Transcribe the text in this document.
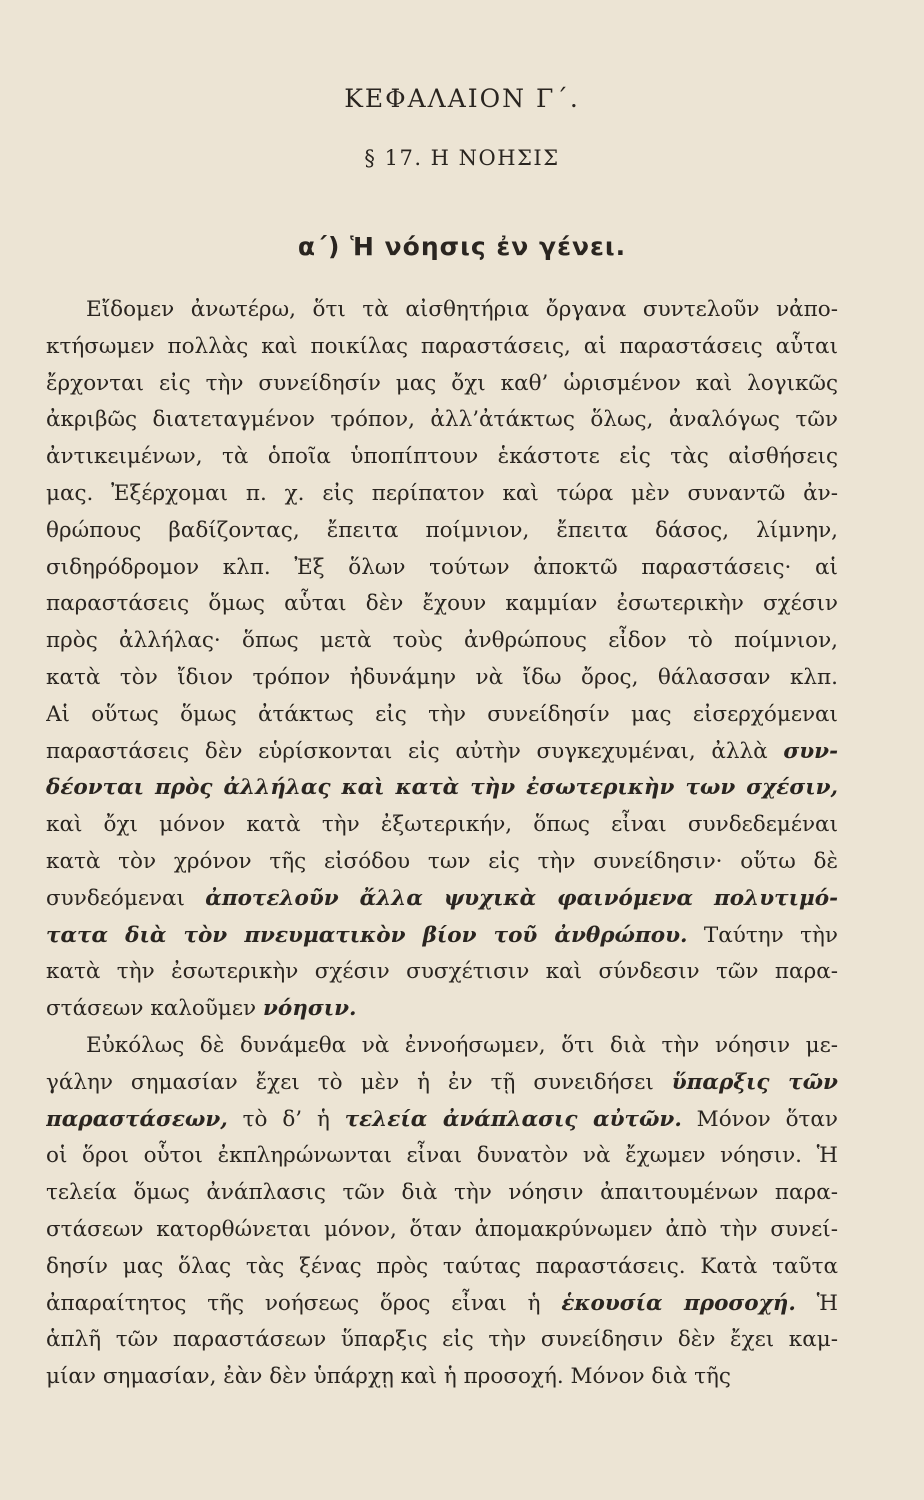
ΚΕΦΑΛΑΙΟΝ Γ΄.
§ 17. Η ΝΟΗΣΙΣ
α΄) Ἡ νόησις ἐν γένει.
Εἴδομεν ἀνωτέρω, ὅτι τὰ αἰσθητήρια ὄργανα συντελοῦν νἀπο-
κτήσωμεν πολλὰς καὶ ποικίλας παραστάσεις, αἱ παραστάσεις αὗται
ἔρχονται εἰς τὴν συνείδησίν μας ὄχι καθ’ ὡρισμένον καὶ λογικῶς
ἀκριβῶς διατεταγμένον τρόπον, ἀλλ’ἀτάκτως ὅλως, ἀναλόγως τῶν
ἀντικειμένων, τὰ ὁποῖα ὑποπίπτουν ἑκάστοτε εἰς τὰς αἰσθήσεις
μας. Ἐξέρχομαι π. χ. εἰς περίπατον καὶ τώρα μὲν συναντῶ ἀν-
θρώπους βαδίζοντας, ἔπειτα ποίμνιον, ἔπειτα δάσος, λίμνην,
σιδηρόδρομον κλπ. Ἐξ ὅλων τούτων ἀποκτῶ παραστάσεις· αἱ
παραστάσεις ὅμως αὗται δὲν ἔχουν καμμίαν ἐσωτερικὴν σχέσιν
πρὸς ἀλλήλας· ὅπως μετὰ τοὺς ἀνθρώπους εἶδον τὸ ποίμνιον,
κατὰ τὸν ἴδιον τρόπον ἠδυνάμην νὰ ἴδω ὄρος, θάλασσαν κλπ.
Αἱ οὕτως ὅμως ἀτάκτως εἰς τὴν συνείδησίν μας εἰσερχόμεναι
παραστάσεις δὲν εὑρίσκονται εἰς αὐτὴν συγκεχυμέναι, ἀλλὰ συν-
δέονται πρὸς ἀλλήλας καὶ κατὰ τὴν ἐσωτερικὴν των σχέσιν,
καὶ ὄχι μόνον κατὰ τὴν ἐξωτερικήν, ὅπως εἶναι συνδεδεμέναι
κατὰ τὸν χρόνον τῆς εἰσόδου των εἰς τὴν συνείδησιν· οὕτω δὲ
συνδεόμεναι ἀποτελοῦν ἄλλα ψυχικὰ φαινόμενα πολυτιμό-
τατα διὰ τὸν πνευματικὸν βίον τοῦ ἀνθρώπου. Ταύτην τὴν
κατὰ τὴν ἐσωτερικὴν σχέσιν συσχέτισιν καὶ σύνδεσιν τῶν παρα-
στάσεων καλοῦμεν νόησιν.
Εὐκόλως δὲ δυνάμεθα νὰ ἐννοήσωμεν, ὅτι διὰ τὴν νόησιν με-
γάλην σημασίαν ἔχει τὸ μὲν ἡ ἐν τῇ συνειδήσει ὕπαρξις τῶν
παραστάσεων, τὸ δ’ ἡ τελεία ἀνάπλασις αὐτῶν. Μόνον ὅταν
οἱ ὅροι οὗτοι ἐκπληρώνωνται εἶναι δυνατὸν νὰ ἔχωμεν νόησιν. Ἡ
τελεία ὅμως ἀνάπλασις τῶν διὰ τὴν νόησιν ἀπαιτουμένων παρα-
στάσεων κατορθώνεται μόνον, ὅταν ἀπομακρύνωμεν ἀπὸ τὴν συνεί-
δησίν μας ὅλας τὰς ξένας πρὸς ταύτας παραστάσεις. Κατὰ ταῦτα
ἀπαραίτητος τῆς νοήσεως ὅρος εἶναι ἡ ἑκουσία προσοχή. Ἡ
ἁπλῆ τῶν παραστάσεων ὕπαρξις εἰς τὴν συνείδησιν δὲν ἔχει καμ-
μίαν σημασίαν, ἐὰν δὲν ὑπάρχῃ καὶ ἡ προσοχή. Μόνον διὰ τῆς
